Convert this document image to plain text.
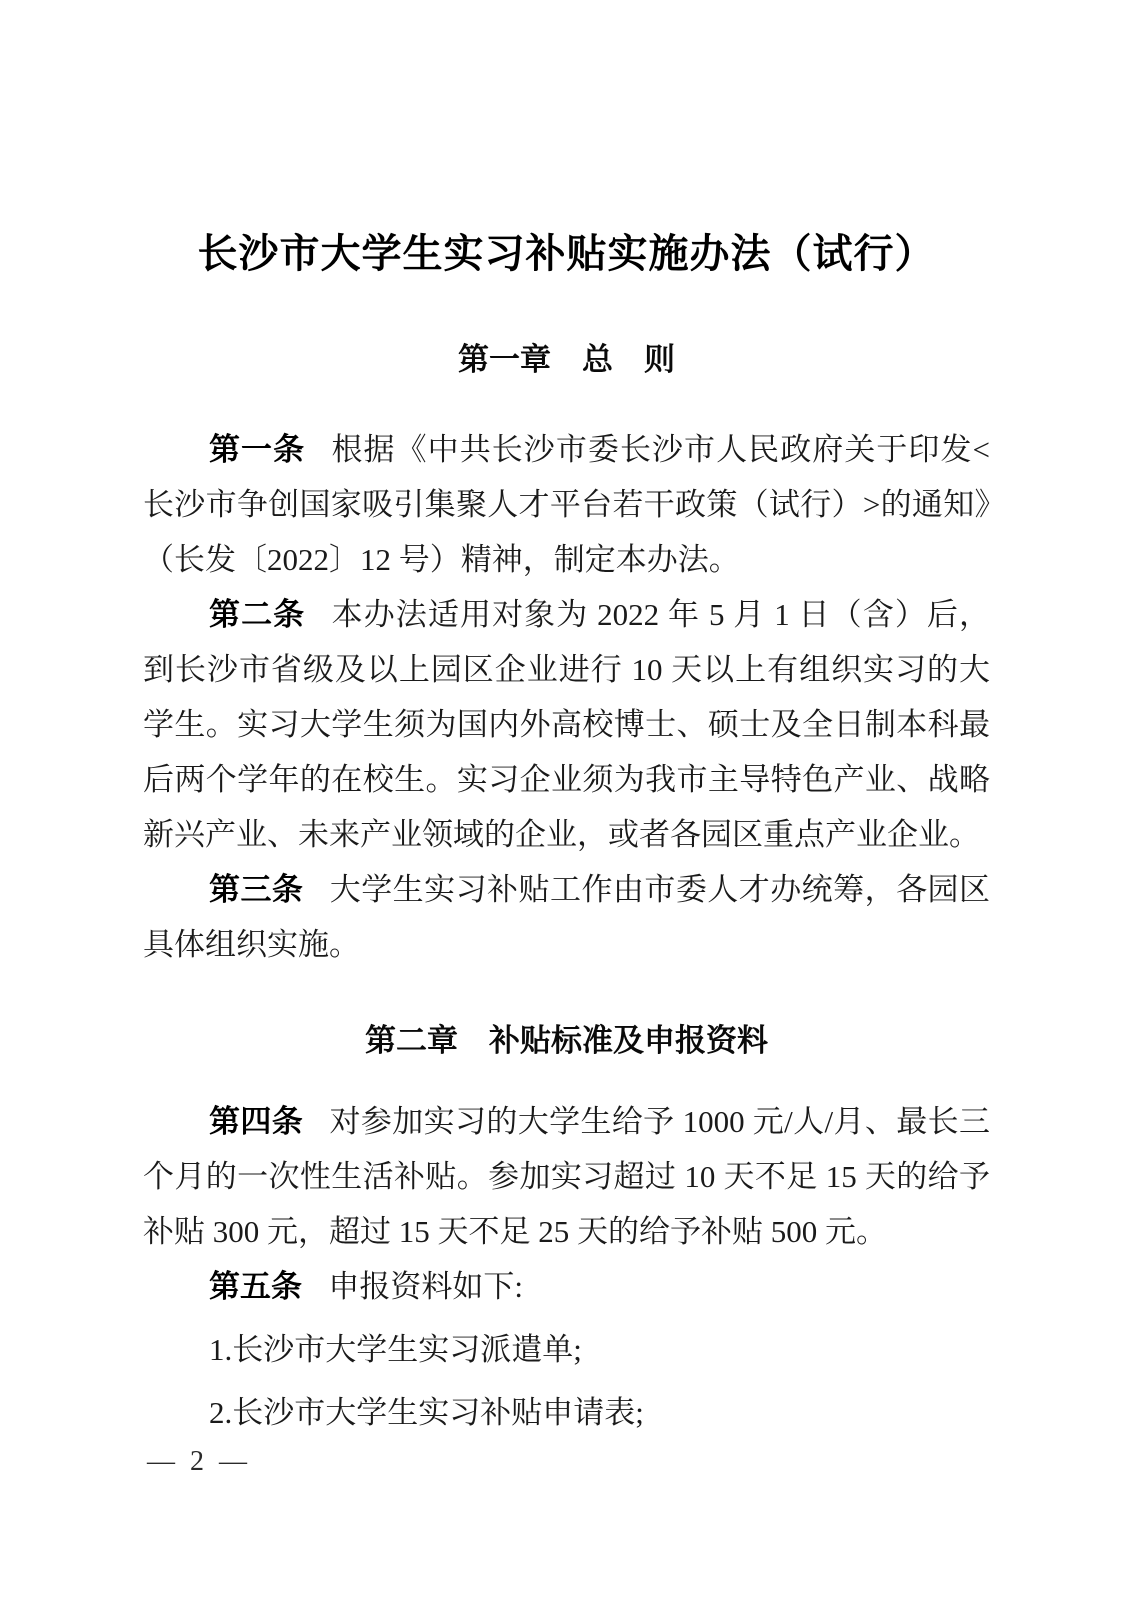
长沙市大学生实习补贴实施办法（试行）
第一章　总　则

第一条 根据《中共长沙市委长沙市人民政府关于印发<长沙市争创国家吸引集聚人才平台若干政策（试行）>的通知》（长发〔2022〕12 号）精神，制定本办法。

第二条 本办法适用对象为 2022 年 5 月 1 日（含）后，到长沙市省级及以上园区企业进行 10 天以上有组织实习的大学生。实习大学生须为国内外高校博士、硕士及全日制本科最后两个学年的在校生。实习企业须为我市主导特色产业、战略新兴产业、未来产业领域的企业，或者各园区重点产业企业。

第三条 大学生实习补贴工作由市委人才办统筹，各园区具体组织实施。

第二章　补贴标准及申报资料

第四条 对参加实习的大学生给予 1000 元/人/月、最长三个月的一次性生活补贴。参加实习超过 10 天不足 15 天的给予补贴 300 元，超过 15 天不足 25 天的给予补贴 500 元。

第五条 申报资料如下:

1.长沙市大学生实习派遣单;

2.长沙市大学生实习补贴申请表;

— 2 —
